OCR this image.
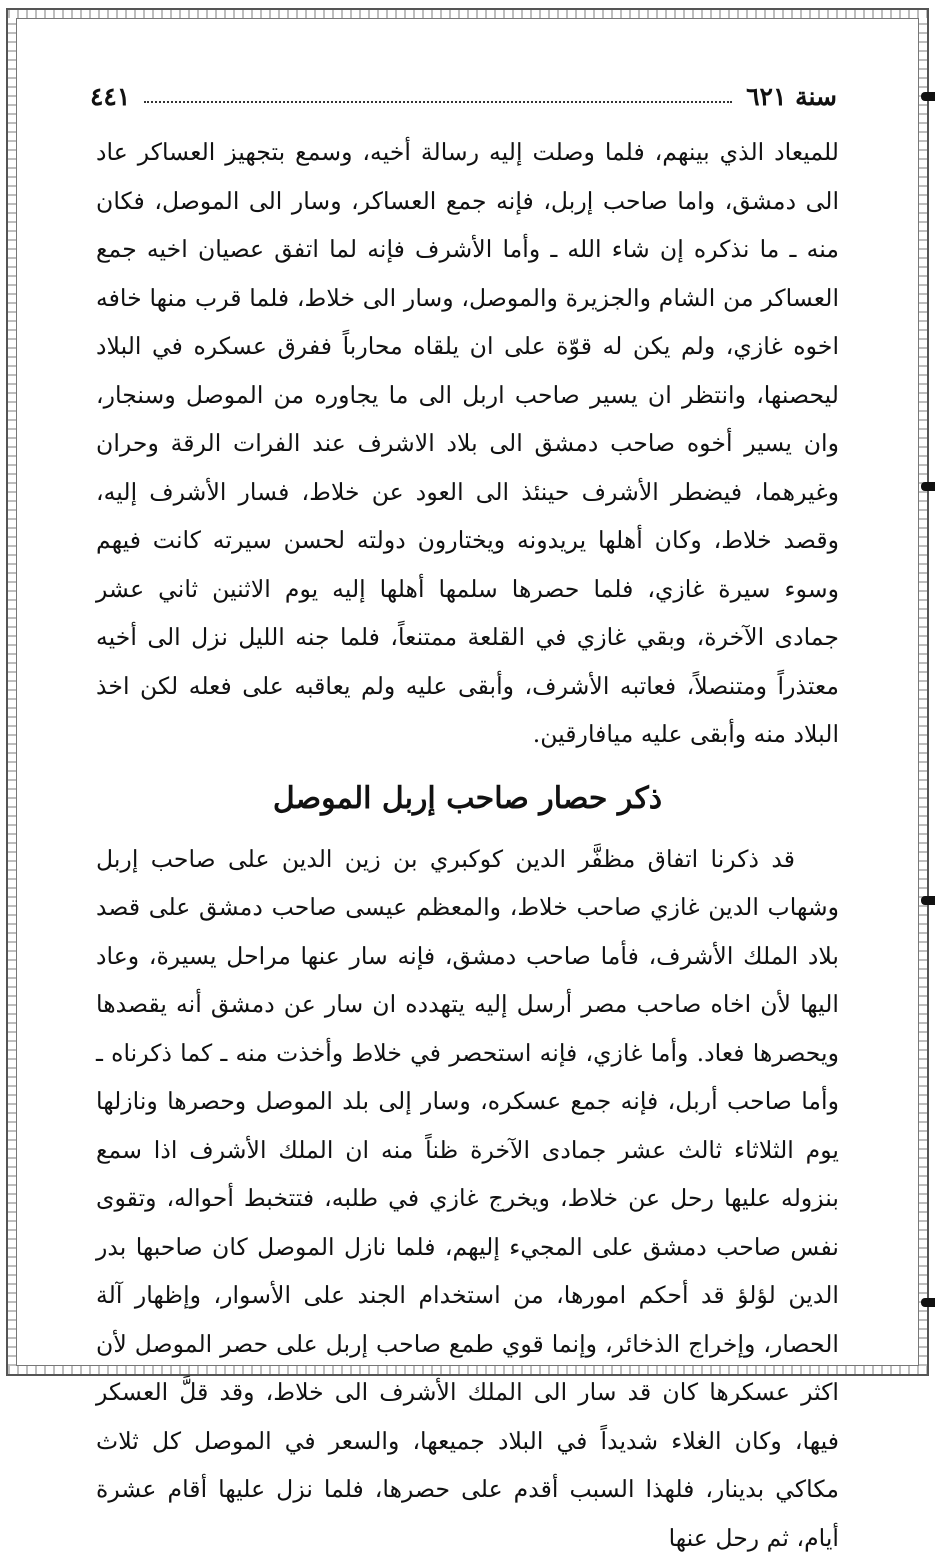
سنة ٦٢١
٤٤١

للميعاد الذي بينهم، فلما وصلت إليه رسالة أخيه، وسمع بتجهيز العساكر عاد الى دمشق، واما صاحب إربل، فإنه جمع العساكر، وسار الى الموصل، فكان منه ـ ما نذكره إن شاء الله ـ وأما الأشرف فإنه لما اتفق عصيان اخيه جمع العساكر من الشام والجزيرة والموصل، وسار الى خلاط، فلما قرب منها خافه اخوه غازي، ولم يكن له قوّة على ان يلقاه محارباً ففرق عسكره في البلاد ليحصنها، وانتظر ان يسير صاحب اربل الى ما يجاوره من الموصل وسنجار، وان يسير أخوه صاحب دمشق الى بلاد الاشرف عند الفرات الرقة وحران وغيرهما، فيضطر الأشرف حينئذ الى العود عن خلاط، فسار الأشرف إليه، وقصد خلاط، وكان أهلها يريدونه ويختارون دولته لحسن سيرته كانت فيهم وسوء سيرة غازي، فلما حصرها سلمها أهلها إليه يوم الاثنين ثاني عشر جمادى الآخرة، وبقي غازي في القلعة ممتنعاً، فلما جنه الليل نزل الى أخيه معتذراً ومتنصلاً، فعاتبه الأشرف، وأبقى عليه ولم يعاقبه على فعله لكن اخذ البلاد منه وأبقى عليه ميافارقين.

ذكر حصار صاحب إربل الموصل

قد ذكرنا اتفاق مظفَّر الدين كوكبري بن زين الدين على صاحب إربل وشهاب الدين غازي صاحب خلاط، والمعظم عيسى صاحب دمشق على قصد بلاد الملك الأشرف، فأما صاحب دمشق، فإنه سار عنها مراحل يسيرة، وعاد اليها لأن اخاه صاحب مصر أرسل إليه يتهدده ان سار عن دمشق أنه يقصدها ويحصرها فعاد. وأما غازي، فإنه استحصر في خلاط وأخذت منه ـ كما ذكرناه ـ وأما صاحب أربل، فإنه جمع عسكره، وسار إلى بلد الموصل وحصرها ونازلها يوم الثلاثاء ثالث عشر جمادى الآخرة ظناً منه ان الملك الأشرف اذا سمع بنزوله عليها رحل عن خلاط، ويخرج غازي في طلبه، فتتخبط أحواله، وتقوى نفس صاحب دمشق على المجيء إليهم، فلما نازل الموصل كان صاحبها بدر الدين لؤلؤ قد أحكم امورها، من استخدام الجند على الأسوار، وإظهار آلة الحصار، وإخراج الذخائر، وإنما قوي طمع صاحب إربل على حصر الموصل لأن اكثر عسكرها كان قد سار الى الملك الأشرف الى خلاط، وقد قلَّ العسكر فيها، وكان الغلاء شديداً في البلاد جميعها، والسعر في الموصل كل ثلاث مكاكي بدينار، فلهذا السبب أقدم على حصرها، فلما نزل عليها أقام عشرة أيام، ثم رحل عنها
